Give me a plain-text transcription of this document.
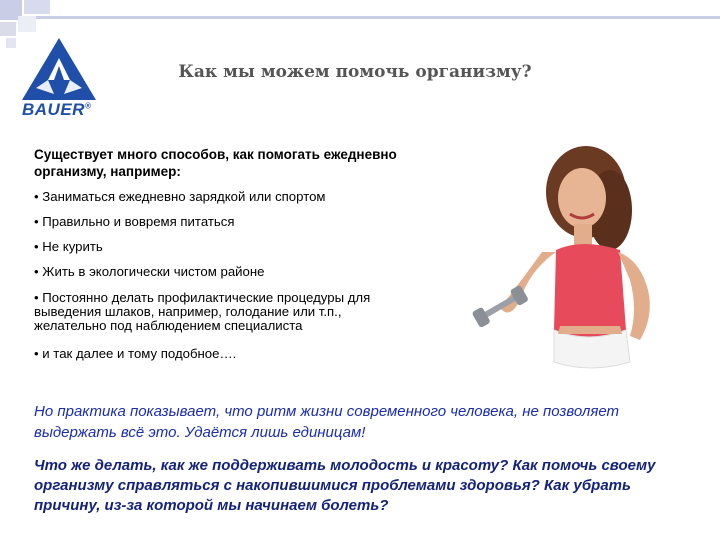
BAUER®
Как мы можем помочь организму?
Существует много способов, как помогать ежедневно организму, например:
• Заниматься ежедневно зарядкой или спортом
• Правильно и вовремя питаться
• Не курить
• Жить в экологически чистом районе
• Постоянно делать профилактические процедуры для выведения шлаков, например, голодание или т.п., желательно под наблюдением специалиста
• и так далее и тому подобное….
Но практика показывает, что ритм жизни современного человека, не позволяет выдержать всё это. Удаётся лишь единицам!
Что же делать, как же поддерживать молодость и красоту? Как помочь своему организму справляться с накопившимися проблемами здоровья? Как убрать причину, из-за которой мы начинаем болеть?
